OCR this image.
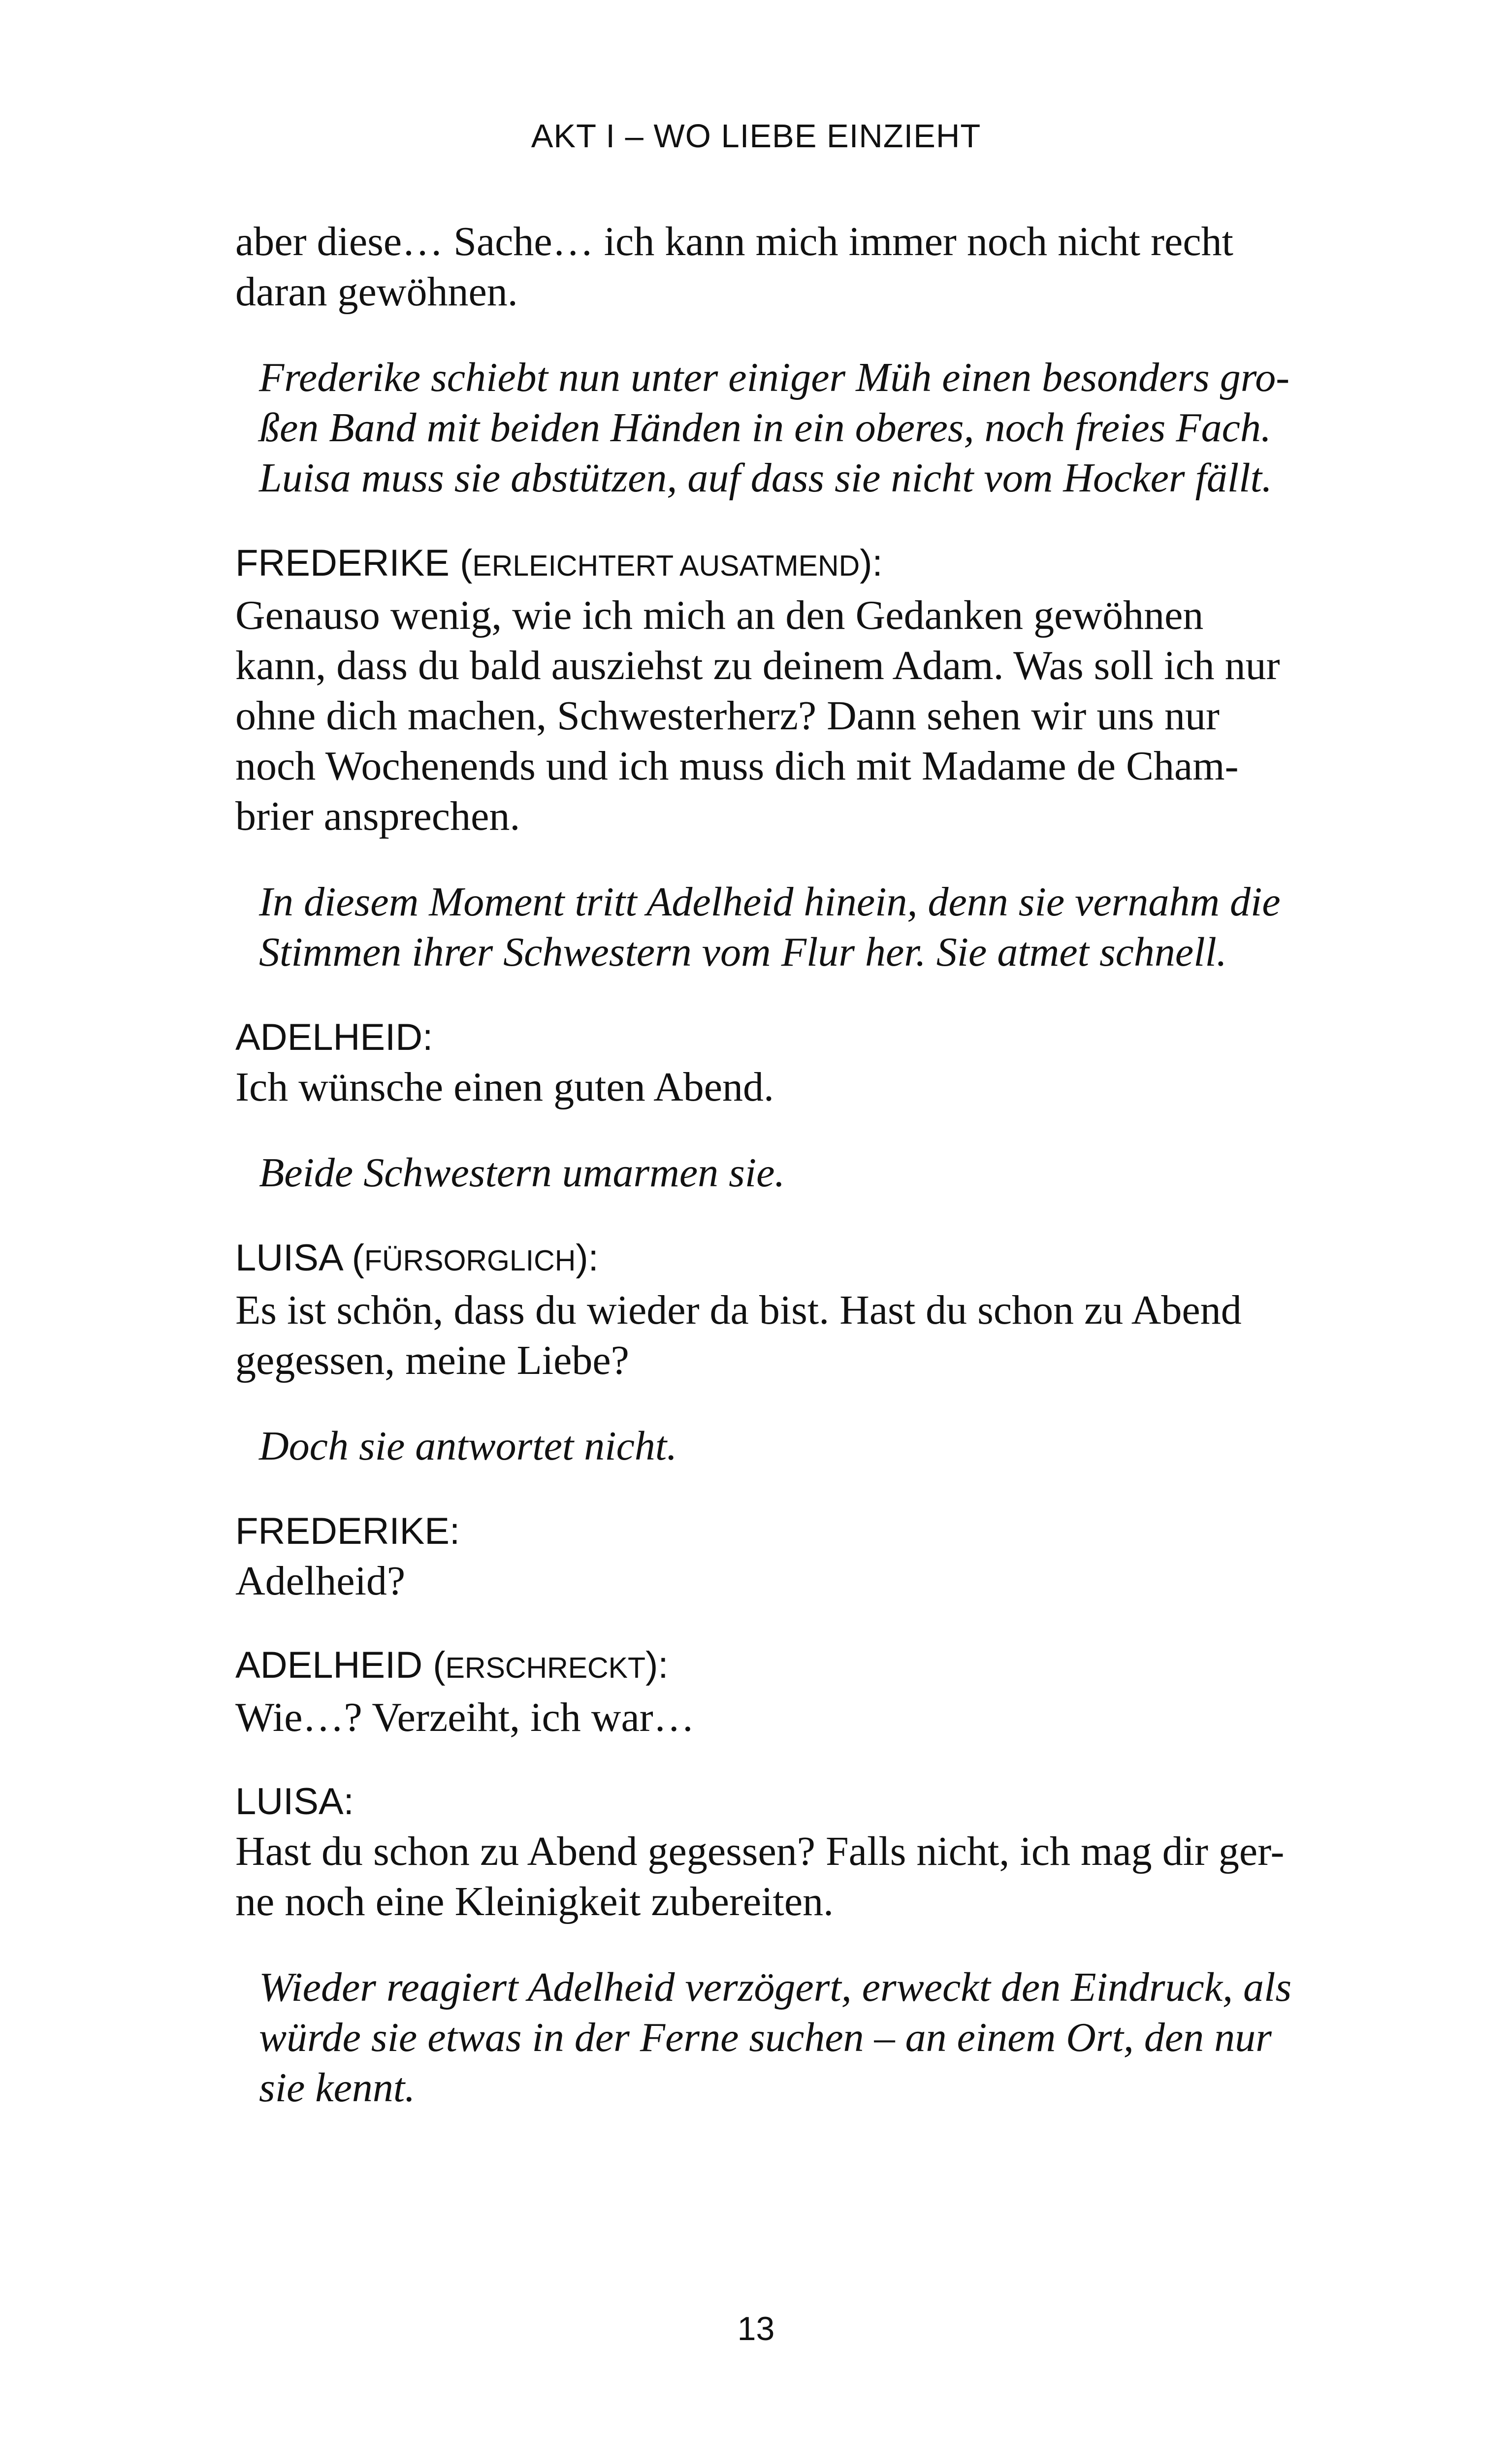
AKT I – WO LIEBE EINZIEHT
aber diese… Sache… ich kann mich immer noch nicht recht
daran gewöhnen.
Frederike schiebt nun unter einiger Müh einen besonders gro-
ßen Band mit beiden Händen in ein oberes, noch freies Fach.
Luisa muss sie abstützen, auf dass sie nicht vom Hocker fällt.
FREDERIKE (ERLEICHTERT AUSATMEND):
Genauso wenig, wie ich mich an den Gedanken gewöhnen
kann, dass du bald ausziehst zu deinem Adam. Was soll ich nur
ohne dich machen, Schwesterherz? Dann sehen wir uns nur
noch Wochenends und ich muss dich mit Madame de Cham-
brier ansprechen.
In diesem Moment tritt Adelheid hinein, denn sie vernahm die
Stimmen ihrer Schwestern vom Flur her. Sie atmet schnell.
ADELHEID:
Ich wünsche einen guten Abend.
Beide Schwestern umarmen sie.
LUISA (FÜRSORGLICH):
Es ist schön, dass du wieder da bist. Hast du schon zu Abend
gegessen, meine Liebe?
Doch sie antwortet nicht.
FREDERIKE:
Adelheid?
ADELHEID (ERSCHRECKT):
Wie…? Verzeiht, ich war…
LUISA:
Hast du schon zu Abend gegessen? Falls nicht, ich mag dir ger-
ne noch eine Kleinigkeit zubereiten.
Wieder reagiert Adelheid verzögert, erweckt den Eindruck, als
würde sie etwas in der Ferne suchen – an einem Ort, den nur
sie kennt.
13
